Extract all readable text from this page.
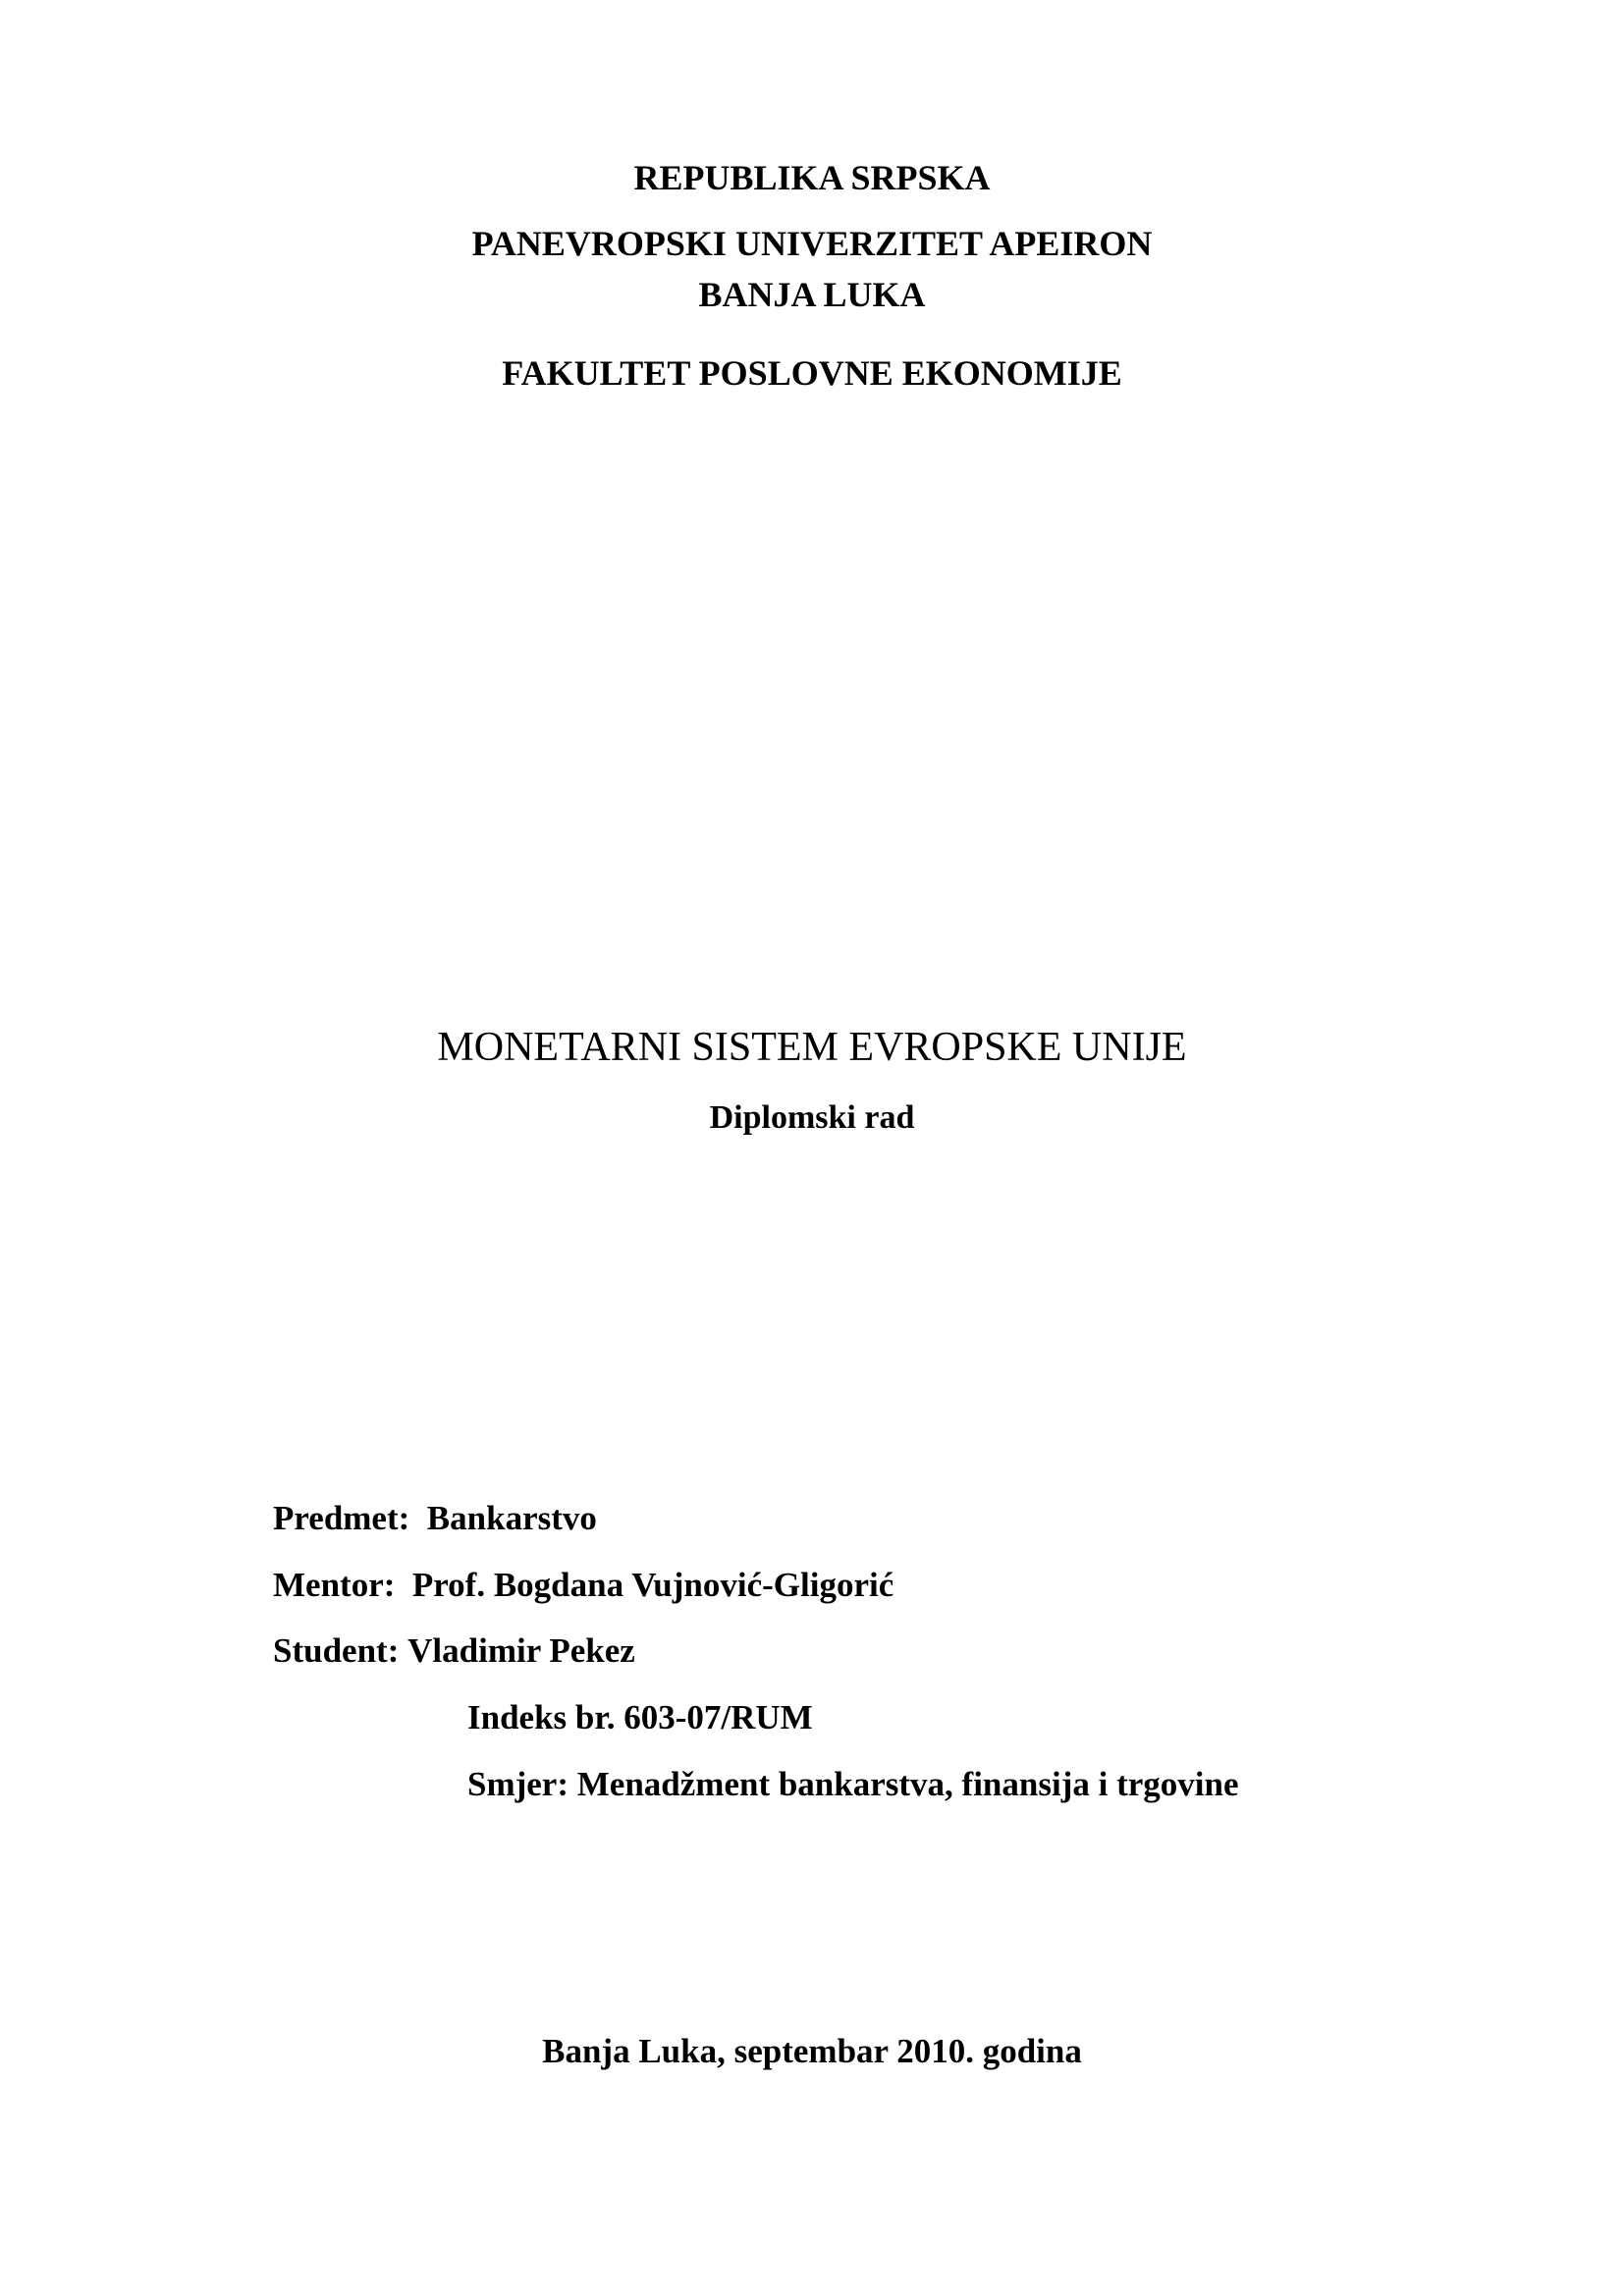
REPUBLIKA SRPSKA
PANEVROPSKI UNIVERZITET APEIRON
BANJA LUKA
FAKULTET POSLOVNE EKONOMIJE
MONETARNI SISTEM EVROPSKE UNIJE
Diplomski rad
Predmet: Bankarstvo
Mentor: Prof. Bogdana Vujnović-Gligorić
Student: Vladimir Pekez
Indeks br. 603-07/RUM
Smjer: Menadžment bankarstva, finansija i trgovine
Banja Luka, septembar 2010. godina
